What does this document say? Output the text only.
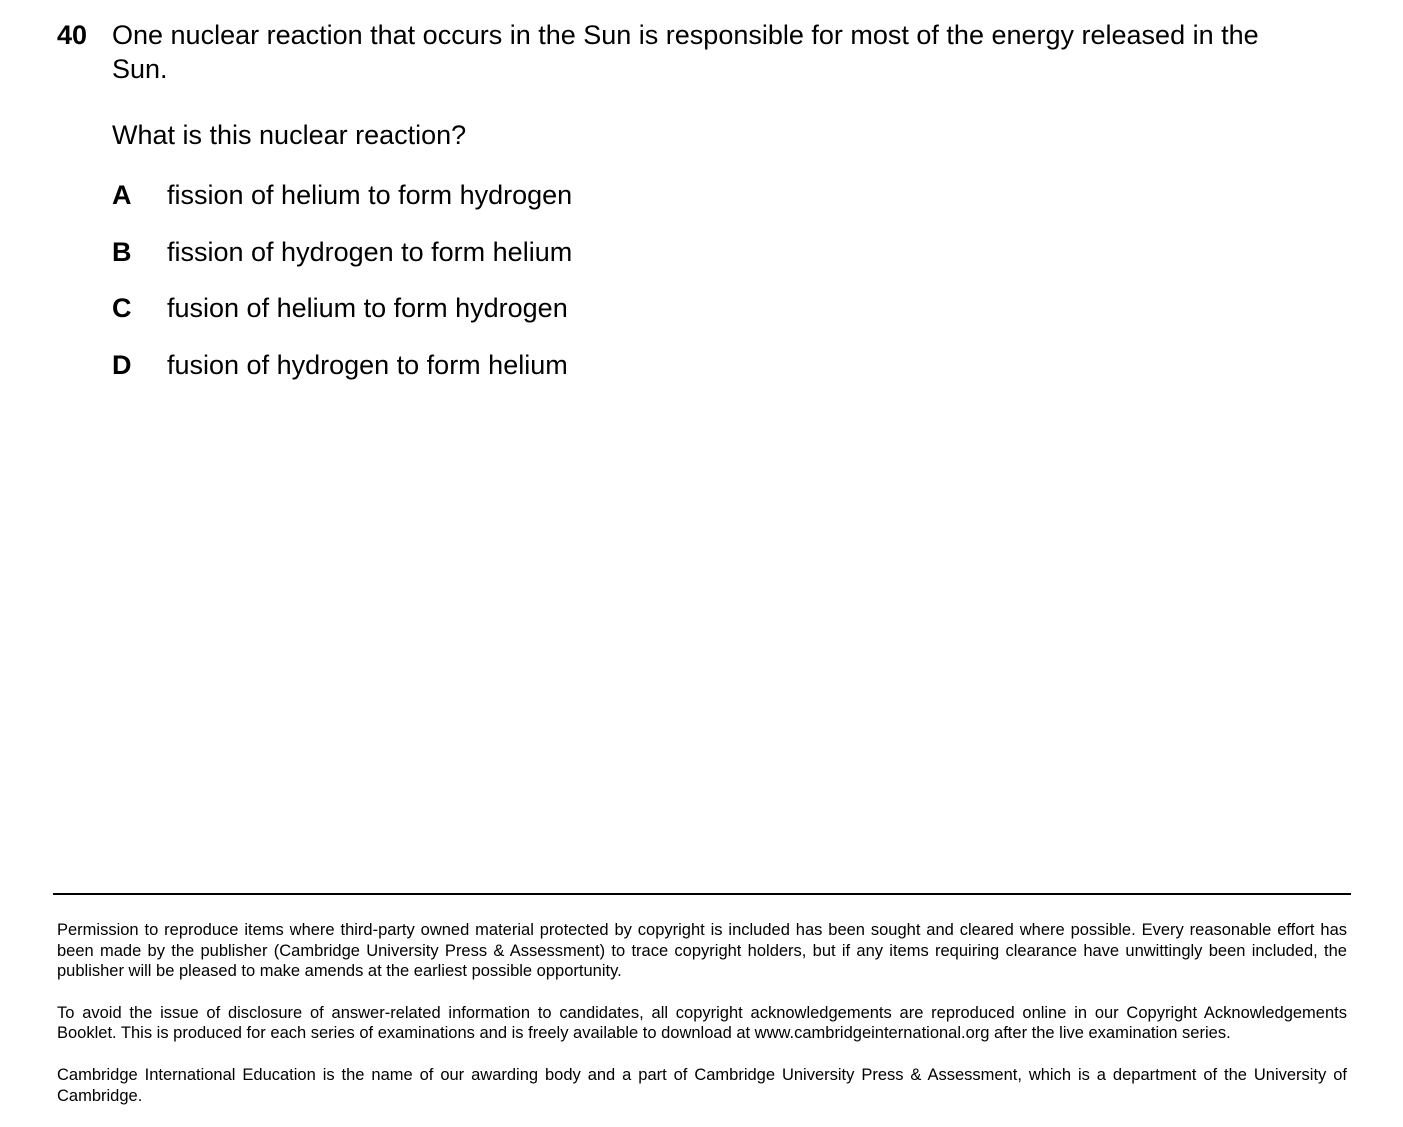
40 One nuclear reaction that occurs in the Sun is responsible for most of the energy released in the Sun.
What is this nuclear reaction?
A fission of helium to form hydrogen
B fission of hydrogen to form helium
C fusion of helium to form hydrogen
D fusion of hydrogen to form helium

Permission to reproduce items where third-party owned material protected by copyright is included has been sought and cleared where possible. Every reasonable effort has been made by the publisher (Cambridge University Press & Assessment) to trace copyright holders, but if any items requiring clearance have unwittingly been included, the publisher will be pleased to make amends at the earliest possible opportunity.

To avoid the issue of disclosure of answer-related information to candidates, all copyright acknowledgements are reproduced online in our Copyright Acknowledgements Booklet. This is produced for each series of examinations and is freely available to download at www.cambridgeinternational.org after the live examination series.

Cambridge International Education is the name of our awarding body and a part of Cambridge University Press & Assessment, which is a department of the University of Cambridge.
